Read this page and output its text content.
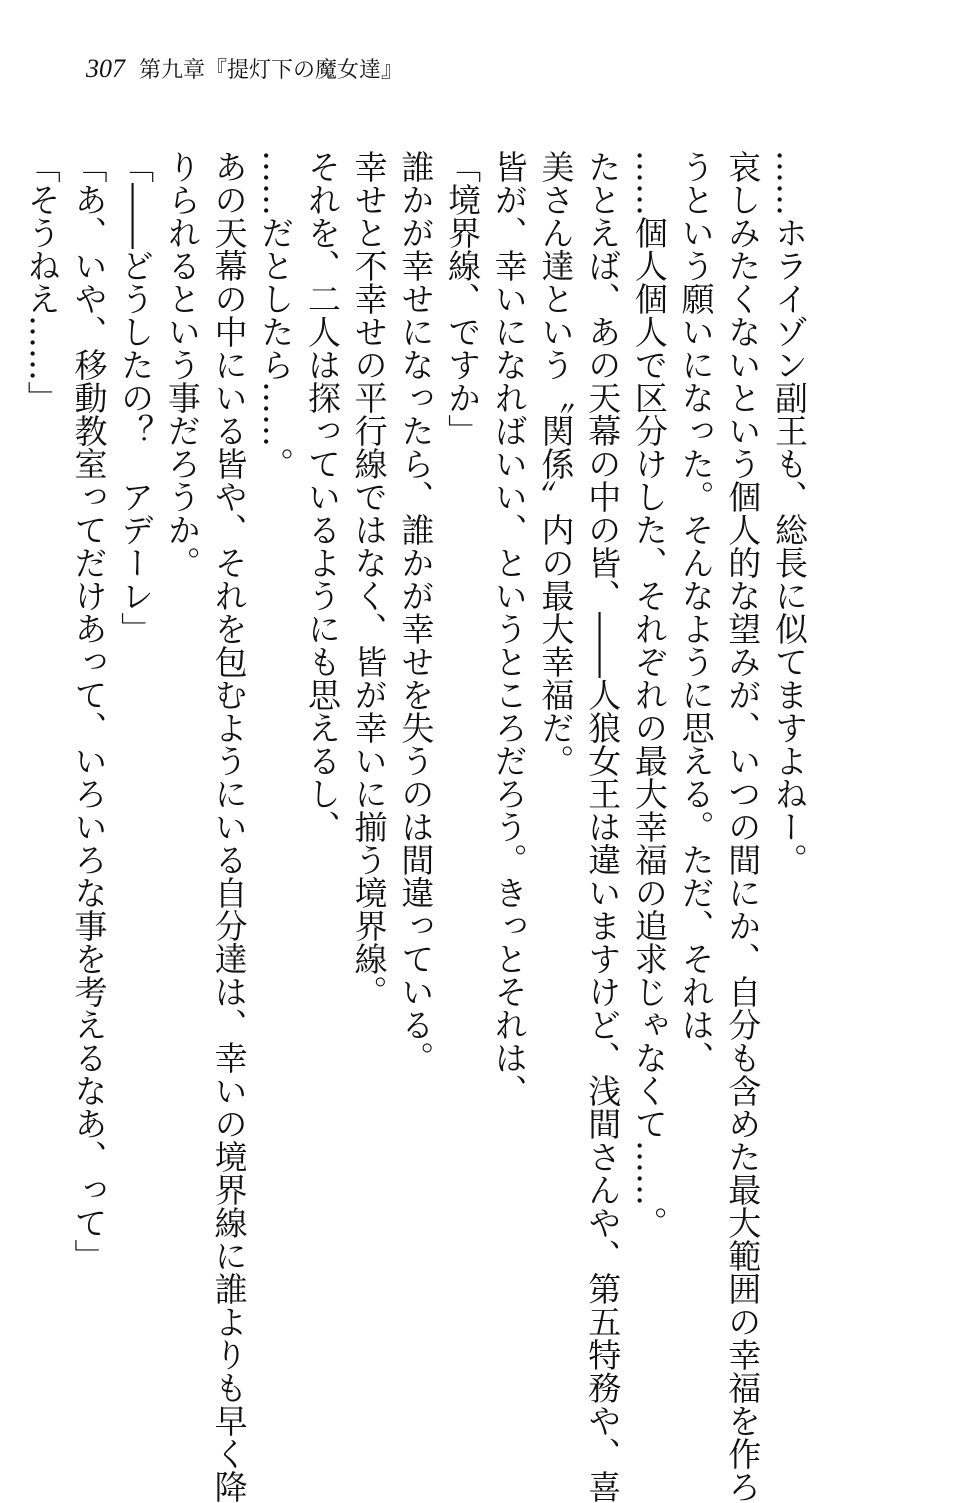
307 第九章『提灯下の魔女達』
……ホライゾン副王も、総長に似てますよねー。
哀しみたくないという個人的な望みが、いつの間にか、自分も含めた最大範囲の幸福を作ろ
うという願いになった。そんなように思える。ただ、それは、
……個人個人で区分けした、それぞれの最大幸福の追求じゃなくて……。
たとえば、あの天幕の中の皆、――人狼女王は違いますけど、浅間さんや、第五特務や、喜
美さん達という〝関係〟内の最大幸福だ。
皆が、幸いになればいい、というところだろう。きっとそれは、
「境界線、ですか」
誰かが幸せになったら、誰かが幸せを失うのは間違っている。
幸せと不幸せの平行線ではなく、皆が幸いに揃う境界線。
それを、二人は探っているようにも思えるし、
……だとしたら……。
あの天幕の中にいる皆や、それを包むようにいる自分達は、幸いの境界線に誰よりも早く降
りられるという事だろうか。
「――どうしたの？　アデーレ」
「あ、いや、移動教室ってだけあって、いろいろな事を考えるなあ、って」
「そうねえ……」
